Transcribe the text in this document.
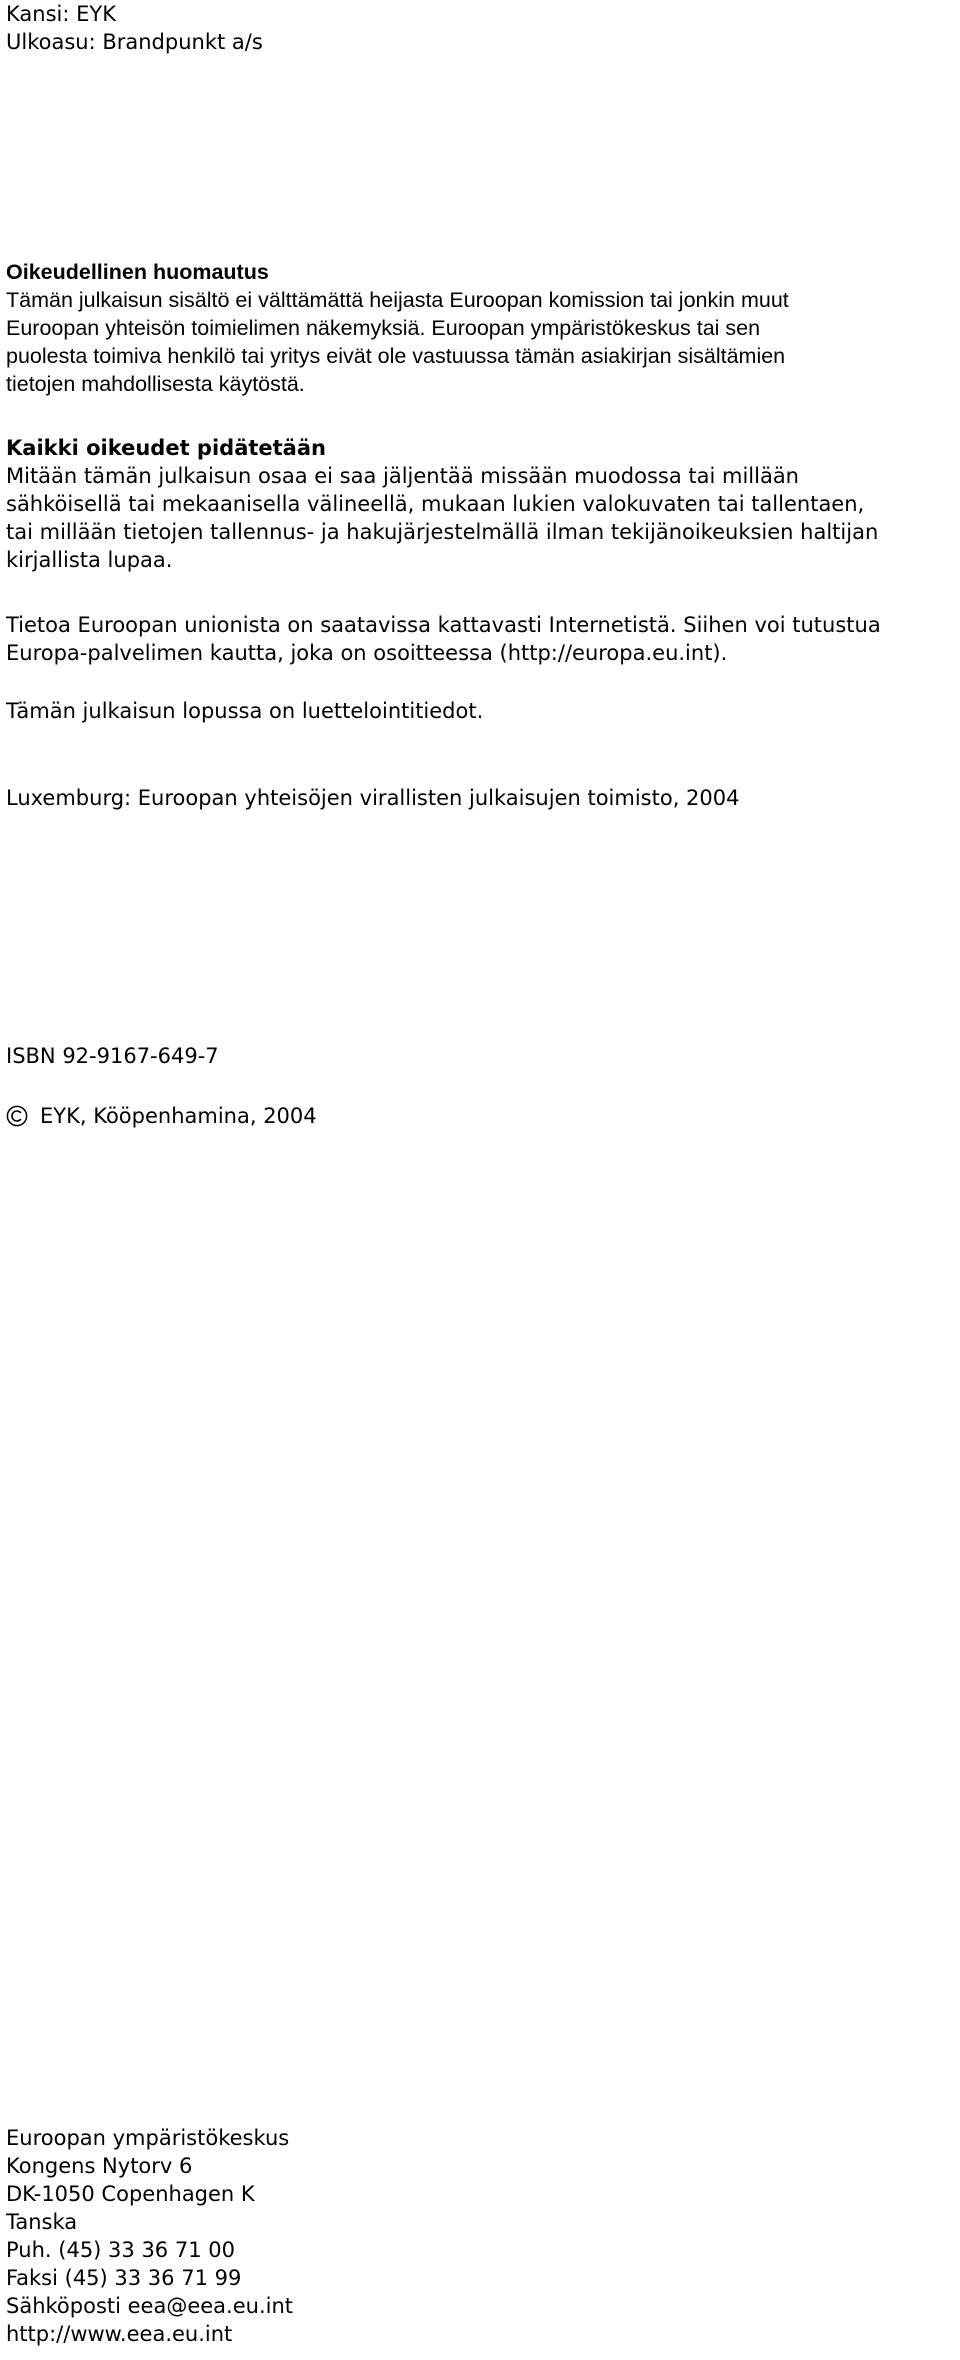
Kansi: EYK
Ulkoasu: Brandpunkt a/s
Oikeudellinen huomautus
Tämän julkaisun sisältö ei välttämättä heijasta Euroopan komission tai jonkin muut
Euroopan yhteisön toimielimen näkemyksiä. Euroopan ympäristökeskus tai sen
puolesta toimiva henkilö tai yritys eivät ole vastuussa tämän asiakirjan sisältämien
tietojen mahdollisesta käytöstä.
Kaikki oikeudet pidätetään
Mitään tämän julkaisun osaa ei saa jäljentää missään muodossa tai millään
sähköisellä tai mekaanisella välineellä, mukaan lukien valokuvaten tai tallentaen,
tai millään tietojen tallennus- ja hakujärjestelmällä ilman tekijänoikeuksien haltijan
kirjallista lupaa.
Tietoa Euroopan unionista on saatavissa kattavasti Internetistä. Siihen voi tutustua
Europa-palvelimen kautta, joka on osoitteessa (http://europa.eu.int).
Tämän julkaisun lopussa on luettelointitiedot.
Luxemburg: Euroopan yhteisöjen virallisten julkaisujen toimisto, 2004
ISBN 92-9167-649-7
EYK, Kööpenhamina, 2004
Euroopan ympäristökeskus
Kongens Nytorv 6
DK-1050 Copenhagen K
Tanska
Puh. (45) 33 36 71 00
Faksi (45) 33 36 71 99
Sähköposti eea@eea.eu.int
http://www.eea.eu.int
